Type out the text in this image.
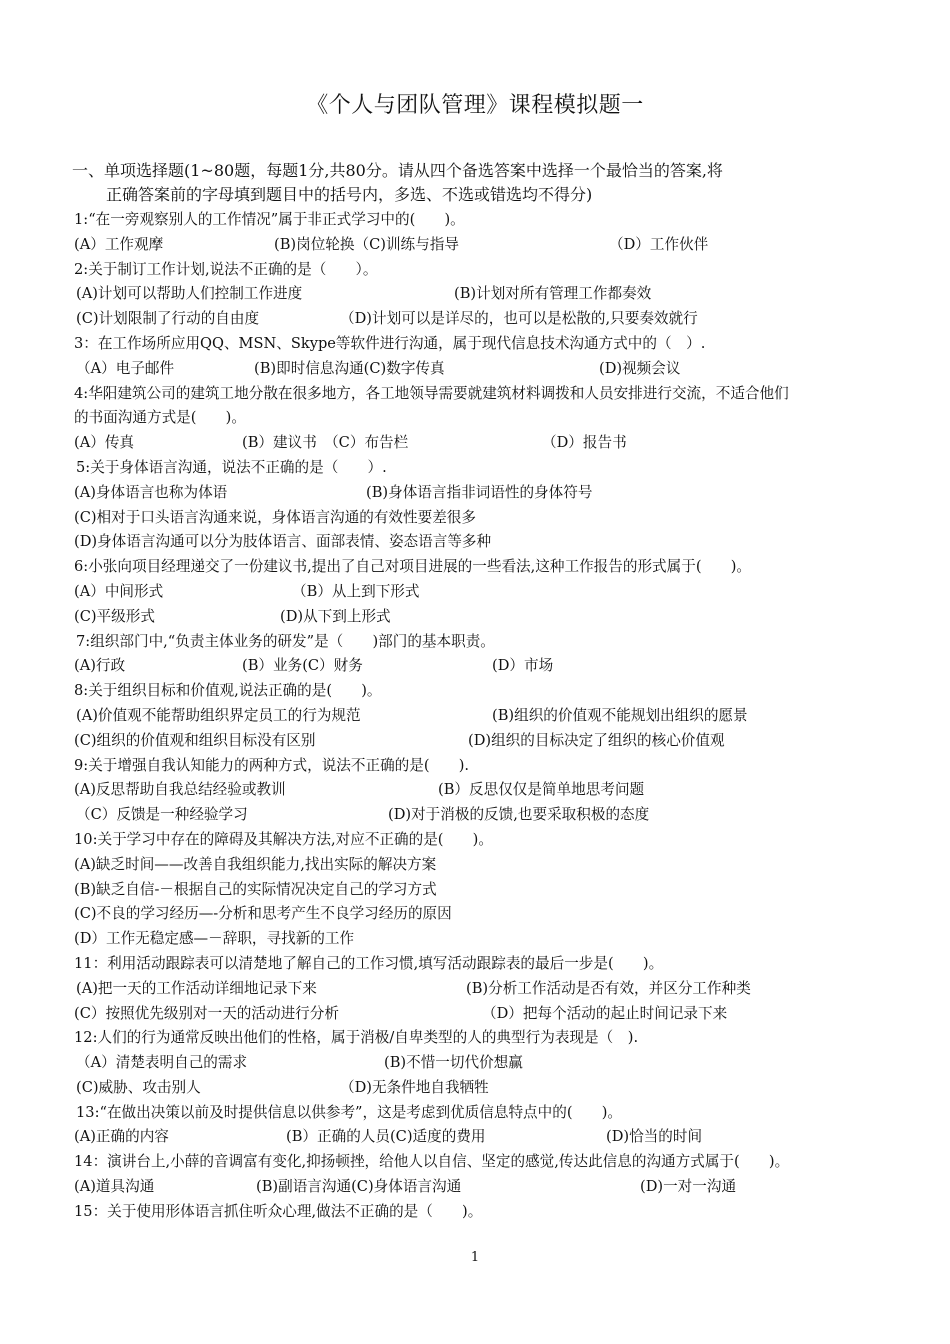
《个人与团队管理》课程模拟题一
一、单项选择题(1~80题，每题1分,共80分。请从四个备选答案中选择一个最恰当的答案,将
正确答案前的字母填到题目中的括号内，多选、不选或错选均不得分)
1:“在一旁观察别人的工作情况”属于非正式学习中的(　　)。
(A）工作观摩	(B)岗位轮换（C)训练与指导	（D）工作伙伴
2:关于制订工作计划,说法不正确的是（　　）。
(A)计划可以帮助人们控制工作进度	(B)计划对所有管理工作都奏效
(C)计划限制了行动的自由度	（D)计划可以是详尽的，也可以是松散的,只要奏效就行
3：在工作场所应用QQ、MSN、Skype等软件进行沟通，属于现代信息技术沟通方式中的（　）.
（A）电子邮件	(B)即时信息沟通(C)数字传真	(D)视频会议
4:华阳建筑公司的建筑工地分散在很多地方，各工地领导需要就建筑材料调拨和人员安排进行交流，不适合他们
的书面沟通方式是(　　)。
(A）传真	(B）建议书　（C）布告栏	（D）报告书
5:关于身体语言沟通，说法不正确的是（　　）.
(A)身体语言也称为体语	(B)身体语言指非词语性的身体符号
(C)相对于口头语言沟通来说，身体语言沟通的有效性要差很多
(D)身体语言沟通可以分为肢体语言、面部表情、姿态语言等多种
6:小张向项目经理递交了一份建议书,提出了自己对项目进展的一些看法,这种工作报告的形式属于(　　)。
(A）中间形式	（B）从上到下形式
(C)平级形式	(D)从下到上形式
7:组织部门中,“负责主体业务的研发”是（　　)部门的基本职责。
(A)行政	(B）业务(C）财务	(D）市场
8:关于组织目标和价值观,说法正确的是(　　)。
(A)价值观不能帮助组织界定员工的行为规范	(B)组织的价值观不能规划出组织的愿景
(C)组织的价值观和组织目标没有区别	(D)组织的目标决定了组织的核心价值观
9:关于增强自我认知能力的两种方式，说法不正确的是(　　).
(A)反思帮助自我总结经验或教训	(B）反思仅仅是简单地思考问题
（C）反馈是一种经验学习	(D)对于消极的反馈,也要采取积极的态度
10:关于学习中存在的障碍及其解决方法,对应不正确的是(　　)。
(A)缺乏时间——改善自我组织能力,找出实际的解决方案
(B)缺乏自信-－根据自己的实际情况决定自己的学习方式
(C)不良的学习经历—-分析和思考产生不良学习经历的原因
(D）工作无稳定感—－辞职，寻找新的工作
11：利用活动跟踪表可以清楚地了解自己的工作习惯,填写活动跟踪表的最后一步是(　　)。
(A)把一天的工作活动详细地记录下来	(B)分析工作活动是否有效，并区分工作种类
(C）按照优先级别对一天的活动进行分析	（D）把每个活动的起止时间记录下来
12:人们的行为通常反映出他们的性格，属于消极/自卑类型的人的典型行为表现是（　).
（A）清楚表明自己的需求	(B)不惜一切代价想赢
(C)威胁、攻击别人	（D)无条件地自我牺牲
13:“在做出决策以前及时提供信息以供参考”，这是考虑到优质信息特点中的(　　)。
(A)正确的内容	(B）正确的人员(C)适度的费用	(D)恰当的时间
14：演讲台上,小薛的音调富有变化,抑扬顿挫，给他人以自信、坚定的感觉,传达此信息的沟通方式属于(　　)。
(A)道具沟通	(B)副语言沟通(C)身体语言沟通	(D)一对一沟通
15：关于使用形体语言抓住听众心理,做法不正确的是（　　)。
1
